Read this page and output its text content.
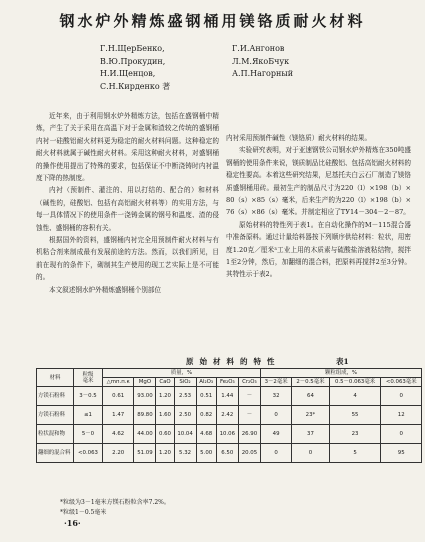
钢水炉外精炼盛钢桶用镁铬质耐火材料
Г.Н.ЩерБенко,
В.Ю.Прокудин,
Н.И.Щенцов,
С.Н.Кирденко 著
Г.И.Ангонов
Л.М.ЯкоБчук
А.П.Нагорный

近年来，由于利用钢水炉外精炼方法，包括在盛钢桶中精炼，产生了关于采用在高温下对于金属和渣较之传统的盛钢桶内衬一硅酸铝耐火材料更为稳定的耐火材料问题。这种稳定的耐火材料就属于碱性耐火材料。采用这种耐火材料，对盛钢桶的操作使用提出了特殊的要求，包括保证不中断浇铸时内衬温度下降的热制度。

内衬（预制件、灌注的、用以打结的、配合的）和材料（碱性的，硅酸铝、包括有高铝耐火材料等）的实用方法，与每一具体情况下的使用条件一浇铸金属的钢号和温度、渣的侵蚀性、盛钢桶的容积有关。

根据国外的资料，盛钢桶内衬完全用预制件耐火材料与有机粘合剂来制成最有发展前途的方法。然而，以我们所见，目前在现有的条件下，砌制其生产使用的现工艺实际上是不可能的。

本文叙述钢水炉外精炼盛钢桶个别部位

内衬采用预制件碱性（镁铬质）耐火材料的结果。

实验研究表明，对于亚速钢铁公司钢水炉外精炼在350吨盛钢桶的使用条件来说，镁质制品比硅酸铝、包括高铝耐火材料的稳定性要高。本着这些研究结果，尼基托夫白云石厂制造了镁铬质盛钢桶用砖。最初生产的制品尺寸为220（l）×198（b）×80（s）×85（s）毫米，后来生产的为220（l）×198（b）×76（s）×86（s）毫米。并制定相应了TУ14－304－2－87。

原始材料的特性列于表1。在自动化操作的M－115混合器中准备原料。通过计量给料器按下列顺序供给材料：粒状，用密度1.20克／厘米³工业上用的木质素与硫酸盐溶液粘结物，搅拌1至2分钟，然后，加翻细的混合料，把原料再搅拌2至3分钟。其特性示于表2。

原始材料的特性	表1
材料	粒级
毫米	质量，%							颗粒组成，%			
		△mп.п.к	MgO	CaO	SiO₂	Al₂O₃	Fe₂O₃	Cr₂O₃	3－2毫米	2－0.5毫米	0.5－0.063毫米	<0.063毫米
方镁石粉料	3－0.5	0.61	93.00	1.20	2.53	0.51	1.44	－	32	64	4	0
方镁石粉料	≤1	1.47	89.80	1.60	2.50	0.82	2.42	－	0	23*	55	12
粒状混和物	5－0	4.62	44.00	0.60	10.04	4.68	10.06	26.90	49	37	23	0
翻细的混合料	<0.063	2.20	51.09	1.20	5.32	5.00	6.50	20.05	0	0	5	95
*粒级为3－1毫米方镁石粉粒含率7.2%。
*粒级1－0.5毫米
·16·
